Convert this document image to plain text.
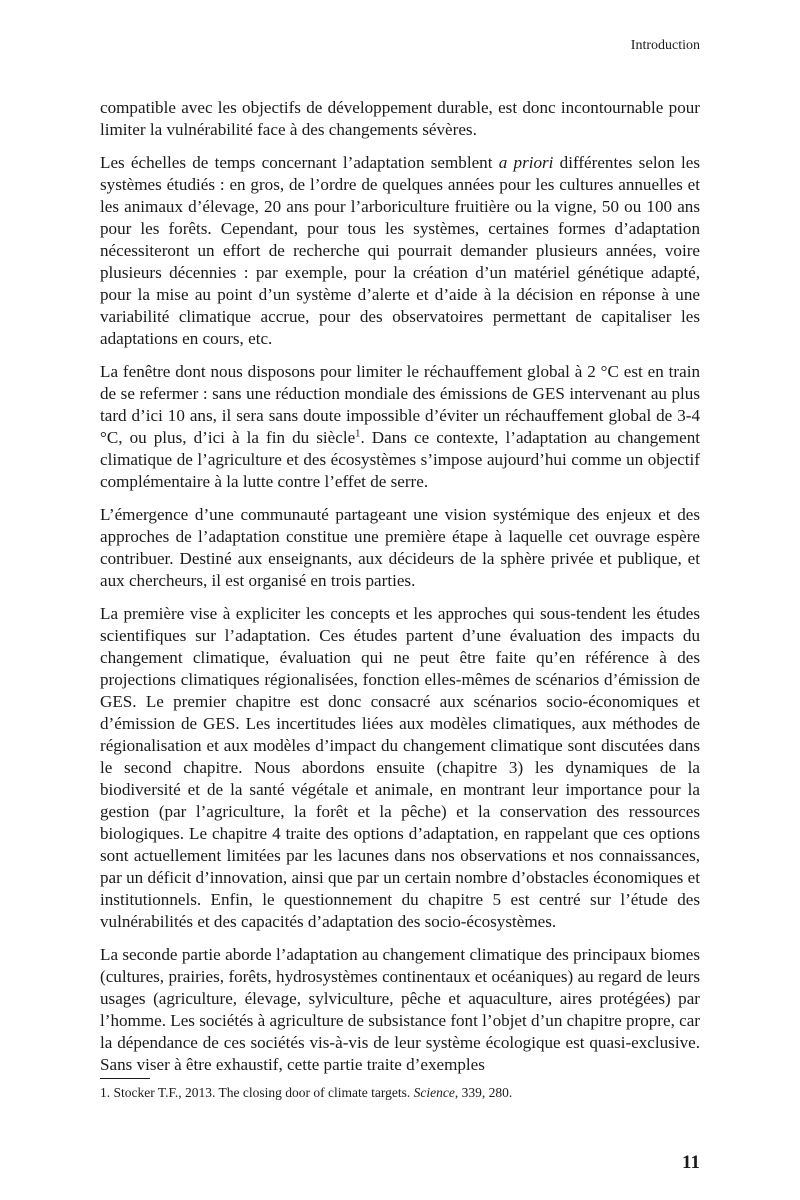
Introduction

compatible avec les objectifs de développement durable, est donc incontournable pour limiter la vulnérabilité face à des changements sévères.

Les échelles de temps concernant l’adaptation semblent a priori différentes selon les systèmes étudiés : en gros, de l’ordre de quelques années pour les cultures annuelles et les animaux d’élevage, 20 ans pour l’arboriculture fruitière ou la vigne, 50 ou 100 ans pour les forêts. Cependant, pour tous les systèmes, certaines formes d’adaptation nécessiteront un effort de recherche qui pourrait demander plusieurs années, voire plusieurs décennies : par exemple, pour la création d’un matériel génétique adapté, pour la mise au point d’un système d’alerte et d’aide à la décision en réponse à une variabilité climatique accrue, pour des observatoires permettant de capitaliser les adaptations en cours, etc.

La fenêtre dont nous disposons pour limiter le réchauffement global à 2 °C est en train de se refermer : sans une réduction mondiale des émissions de GES intervenant au plus tard d’ici 10 ans, il sera sans doute impossible d’éviter un réchauffement global de 3-4 °C, ou plus, d’ici à la fin du siècle$^1$. Dans ce contexte, l’adaptation au changement climatique de l’agriculture et des écosystèmes s’impose aujourd’hui comme un objectif complémentaire à la lutte contre l’effet de serre.

L’émergence d’une communauté partageant une vision systémique des enjeux et des approches de l’adaptation constitue une première étape à laquelle cet ouvrage espère contribuer. Destiné aux enseignants, aux décideurs de la sphère privée et publique, et aux chercheurs, il est organisé en trois parties.

La première vise à expliciter les concepts et les approches qui sous-tendent les études scientifiques sur l’adaptation. Ces études partent d’une évaluation des impacts du changement climatique, évaluation qui ne peut être faite qu’en référence à des projections climatiques régionalisées, fonction elles-mêmes de scénarios d’émission de GES. Le premier chapitre est donc consacré aux scénarios socio-économiques et d’émission de GES. Les incertitudes liées aux modèles climatiques, aux méthodes de régionalisation et aux modèles d’impact du changement climatique sont discutées dans le second chapitre. Nous abordons ensuite (chapitre 3) les dynamiques de la biodiversité et de la santé végétale et animale, en montrant leur importance pour la gestion (par l’agriculture, la forêt et la pêche) et la conservation des ressources biologiques. Le chapitre 4 traite des options d’adaptation, en rappelant que ces options sont actuellement limitées par les lacunes dans nos observations et nos connaissances, par un déficit d’innovation, ainsi que par un certain nombre d’obstacles économiques et institutionnels. Enfin, le questionnement du chapitre 5 est centré sur l’étude des vulnérabilités et des capacités d’adaptation des socio-écosystèmes.

La seconde partie aborde l’adaptation au changement climatique des principaux biomes (cultures, prairies, forêts, hydrosystèmes continentaux et océaniques) au regard de leurs usages (agriculture, élevage, sylviculture, pêche et aquaculture, aires protégées) par l’homme. Les sociétés à agriculture de subsistance font l’objet d’un chapitre propre, car la dépendance de ces sociétés vis-à-vis de leur système écologique est quasi-exclusive. Sans viser à être exhaustif, cette partie traite d’exemples

1. Stocker T.F., 2013. The closing door of climate targets. Science, 339, 280.
11
